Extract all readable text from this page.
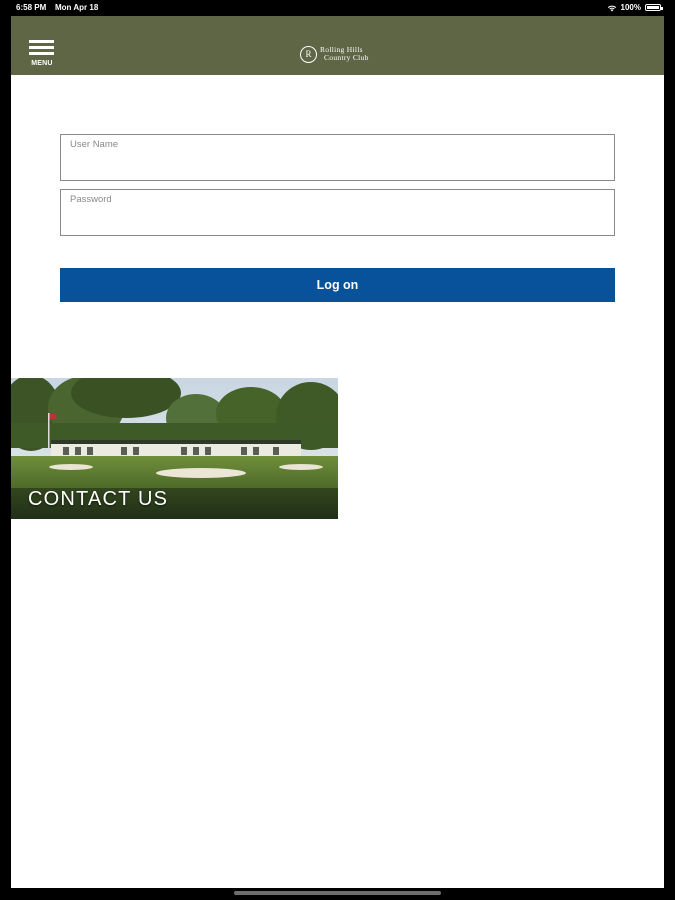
6:58 PM Mon Apr 18	100%
MENU
R	Rolling Hills
Country Club
User Name
Password
Log on
CONTACT US
